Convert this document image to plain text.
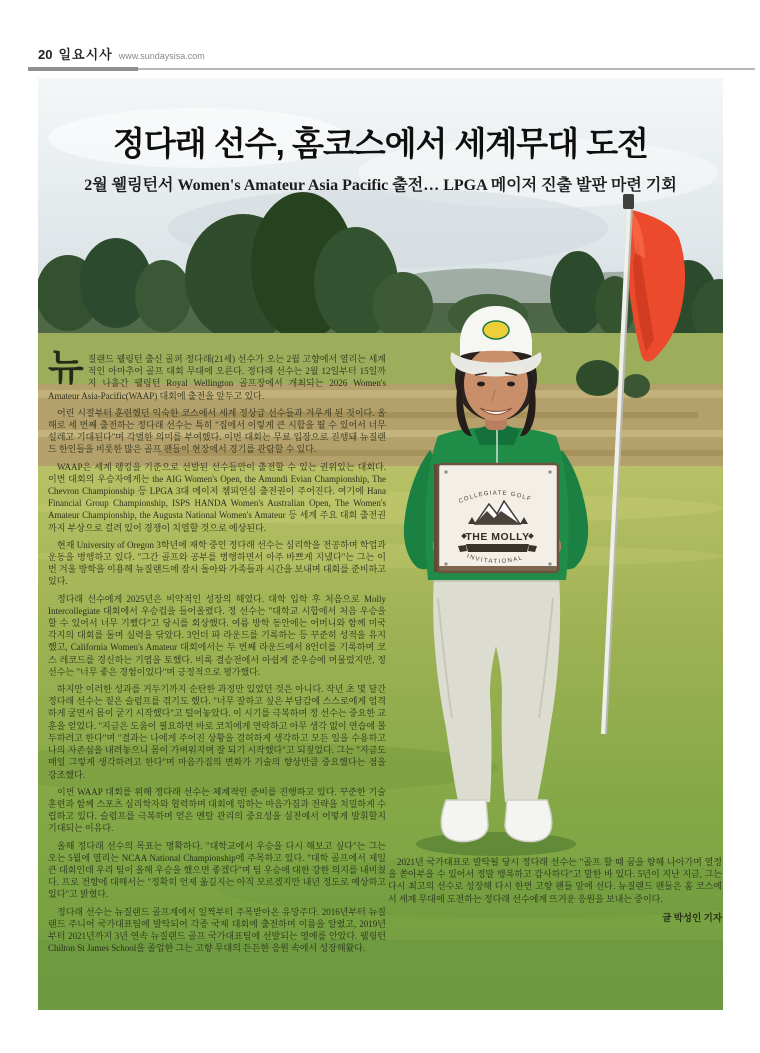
20 일요시사 www.sundaysisa.com
COLLEGIATE GOLF
THE MOLLY
INVITATIONAL
정다래 선수, 홈코스에서 세계무대 도전
2월 웰링턴서 Women's Amateur Asia Pacific 출전… LPGA 메이저 진출 발판 마련 기회

뉴질랜드 웰링턴 출신 골퍼 정다래(21세) 선수가 오는 2월 고향에서 열리는 세계적인 아마추어 골프 대회 무대에 오른다. 정다래 선수는 2월 12일부터 15일까지 나흘간 웰링턴 Royal Wellington 골프장에서 개최되는 2026 Women's Amateur Asia-Pacific(WAAP) 대회에 출전을 앞두고 있다.

어린 시절부터 훈련했던 익숙한 코스에서 세계 정상급 선수들과 겨루게 된 것이다. 올해로 세 번째 출전하는 정다래 선수는 특히 "집에서 이렇게 큰 시합을 뛸 수 있어서 너무 설레고 기대된다"며 각별한 의미를 부여했다. 이번 대회는 무료 입장으로 진행돼 뉴질랜드 한인들을 비롯한 많은 골프 팬들이 현장에서 경기를 관람할 수 있다.

WAAP은 세계 랭킹을 기준으로 선발된 선수들만이 출전할 수 있는 권위있는 대회다. 이번 대회의 우승자에게는 the AIG Women's Open, the Amundi Evian Championship, The Chevron Championship 등 LPGA 3대 메이저 챔피언십 출전권이 주어진다. 여기에 Hana Financial Group Championship, ISPS HANDA Women's Australian Open, The Women's Amateur Championship, the Augusta National Women's Amateur 등 세계 주요 대회 출전권까지 부상으로 걸려 있어 경쟁이 치열할 것으로 예상된다.

현재 University of Oregon 3학년에 재학 중인 정다래 선수는 심리학을 전공하며 학업과 운동을 병행하고 있다. "그간 골프와 공부를 병행하면서 아주 바쁘게 지냈다"는 그는 이번 겨울 방학을 이용해 뉴질랜드에 잠시 돌아와 가족들과 시간을 보내며 대회를 준비하고 있다.

정다래 선수에게 2025년은 비약적인 성장의 해였다. 대학 입학 후 처음으로 Molly Intercollegiate 대회에서 우승컵을 들어올렸다. 정 선수는 "대학교 시합에서 처음 우승을 할 수 있어서 너무 기뻤다"고 당시를 회상했다. 여름 방학 동안에는 어머니와 함께 미국 각지의 대회를 돌며 실력을 닦았다. 3언더 파 라운드를 기록하는 등 꾸준히 성적을 유지했고, California Women's Amateur 대회에서는 두 번째 라운드에서 8언더를 기록하며 코스 레코드를 경신하는 기염을 토했다. 비록 결승전에서 아쉽게 준우승에 머물렀지만, 정 선수는 "너무 좋은 경험이었다"며 긍정적으로 평가했다.

하지만 이러한 성과를 거두기까지 순탄한 과정만 있었던 것은 아니다. 작년 초 몇 달간 정다래 선수는 짙은 슬럼프를 겪기도 했다. "너무 잘하고 싶은 부담감에 스스로에게 엄격하게 굴면서 몸이 굳기 시작했다"고 털어놓았다. 이 시기를 극복하며 정 선수는 중요한 교훈을 얻었다. "지금은 도움이 필요하면 바로 코치에게 연락하고 아무 생각 없이 연습에 몰두하려고 한다"며 "결과는 나에게 주어진 상황을 겸허하게 생각하고 모든 일을 수용하고 나의 자존심을 내려놓으니 몸이 가벼워지며 잘 되기 시작했다"고 되짚었다. 그는 "지금도 매일 그렇게 생각하려고 한다"며 마음가짐의 변화가 기술의 향상만큼 중요했다는 점을 강조했다.

이번 WAAP 대회를 위해 정다래 선수는 체계적인 준비를 진행하고 있다. 꾸준한 기술 훈련과 함께 스포츠 심리학자와 협력하며 대회에 임하는 마음가짐과 전략을 치밀하게 수립하고 있다. 슬럼프를 극복하며 얻은 멘탈 관리의 중요성을 실전에서 어떻게 발휘할지 기대되는 이유다.

올해 정다래 선수의 목표는 명확하다. "대학교에서 우승을 다시 해보고 싶다"는 그는 오는 5월에 열리는 NCAA National Championship에 주목하고 있다. "대학 골프에서 제일 큰 대회인데 우리 팀이 올해 우승을 했으면 좋겠다"며 팀 우승에 대한 강한 의지를 내비쳤다. 프로 전향에 대해서는 "정확히 언제 옮길지는 아직 모르겠지만 내년 정도로 예상하고 있다"고 밝혔다.

정다래 선수는 뉴질랜드 골프계에서 일찍부터 주목받아온 유망주다. 2016년부터 뉴질랜드 주니어 국가대표팀에 발탁되어 각종 국제 대회에 출전하며 이름을 알렸고, 2019년부터 2021년까지 3년 연속 뉴질랜드 골프 국가대표팀에 선발되는 영예를 안았다. 웰링턴 Chilton St James School을 졸업한 그는 고향 무대의 든든한 응원 속에서 성장해왔다.

2021년 국가대표로 발탁될 당시 정다래 선수는 "골프 할 때 꿈을 향해 나아가며 열정을 쏟아부을 수 있어서 정말 행복하고 감사하다"고 말한 바 있다. 5년이 지난 지금, 그는 다시 최고의 선수로 성장해 다시 한번 고향 팬들 앞에 선다. 뉴질랜드 팬들은 홈 코스에서 세계 무대에 도전하는 정다래 선수에게 뜨거운 응원을 보내는 중이다.

글 박성인 기자
